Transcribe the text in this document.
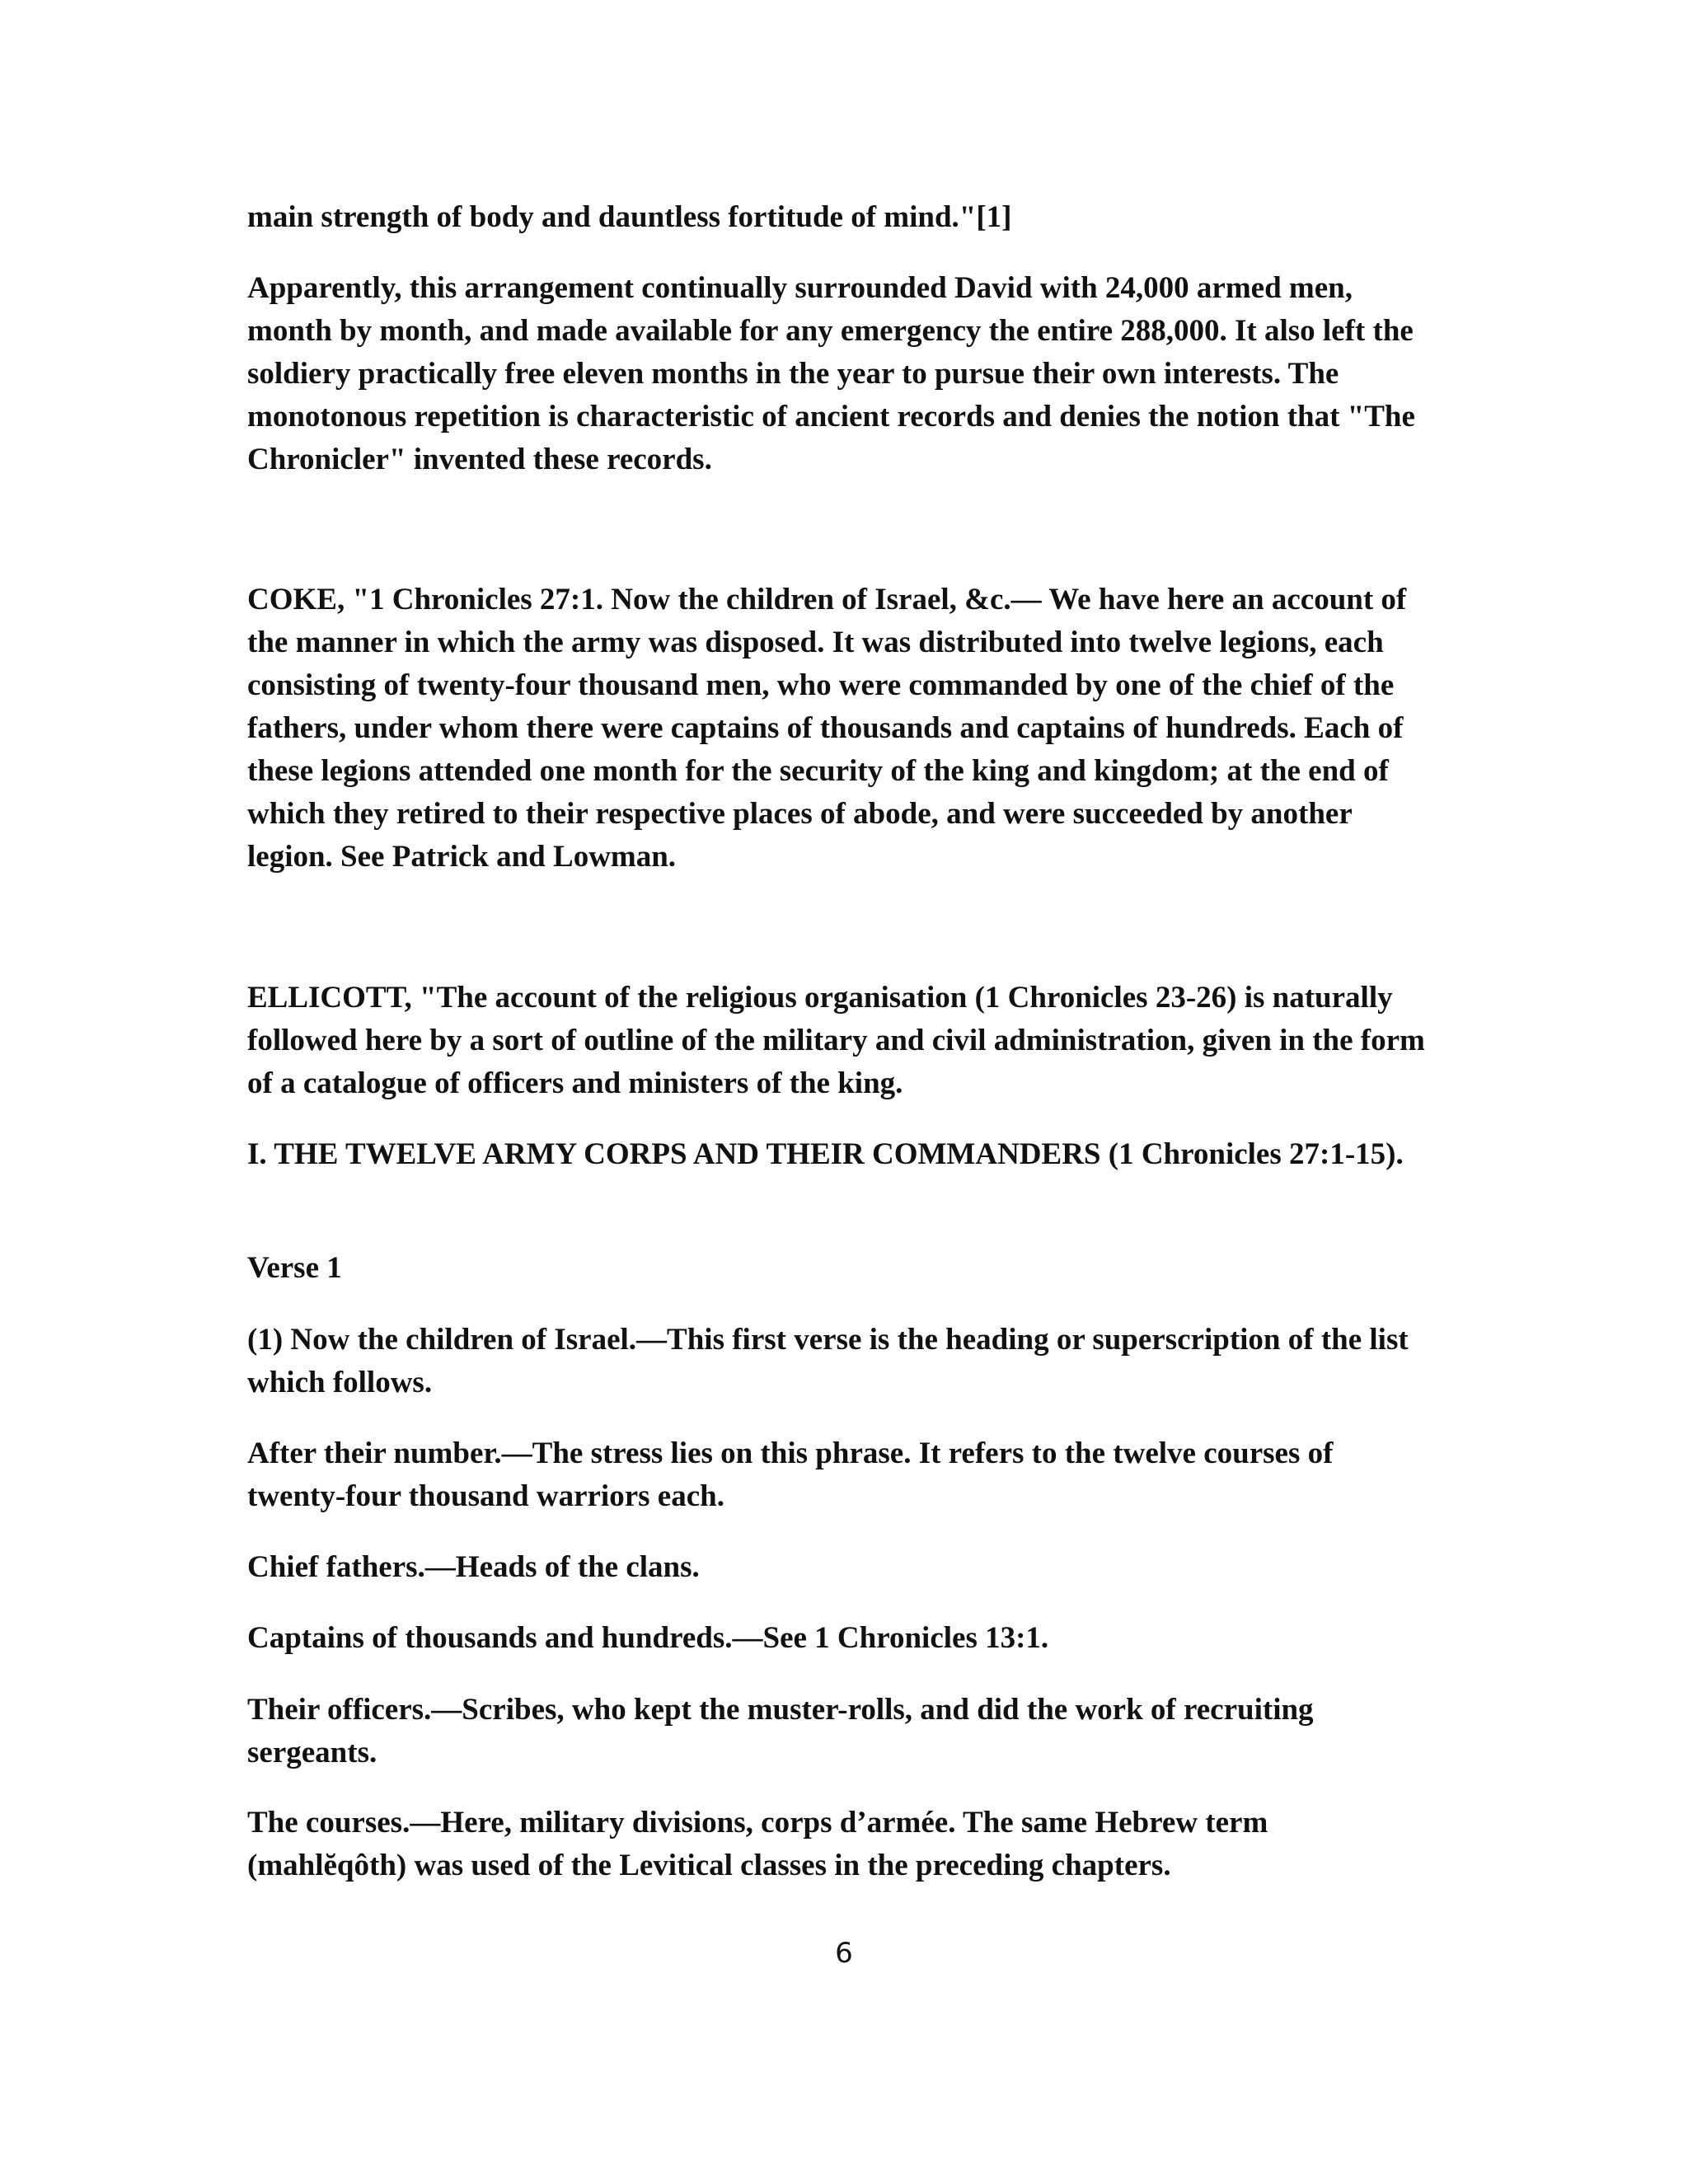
main strength of body and dauntless fortitude of mind."[1]

Apparently, this arrangement continually surrounded David with 24,000 armed men, month by month, and made available for any emergency the entire 288,000. It also left the soldiery practically free eleven months in the year to pursue their own interests. The monotonous repetition is characteristic of ancient records and denies the notion that "The Chronicler" invented these records.

COKE, "1 Chronicles 27:1. Now the children of Israel, &c.— We have here an account of the manner in which the army was disposed. It was distributed into twelve legions, each consisting of twenty-four thousand men, who were commanded by one of the chief of the fathers, under whom there were captains of thousands and captains of hundreds. Each of these legions attended one month for the security of the king and kingdom; at the end of which they retired to their respective places of abode, and were succeeded by another legion. See Patrick and Lowman.

ELLICOTT, "The account of the religious organisation (1 Chronicles 23-26) is naturally followed here by a sort of outline of the military and civil administration, given in the form of a catalogue of officers and ministers of the king.

I. THE TWELVE ARMY CORPS AND THEIR COMMANDERS (1 Chronicles 27:1-15).

Verse 1

(1) Now the children of Israel.—This first verse is the heading or superscription of the list which follows.

After their number.—The stress lies on this phrase. It refers to the twelve courses of twenty-four thousand warriors each.

Chief fathers.—Heads of the clans.

Captains of thousands and hundreds.—See 1 Chronicles 13:1.

Their officers.—Scribes, who kept the muster-rolls, and did the work of recruiting sergeants.

The courses.—Here, military divisions, corps d’armée. The same Hebrew term (mahlĕqôth) was used of the Levitical classes in the preceding chapters.

6
